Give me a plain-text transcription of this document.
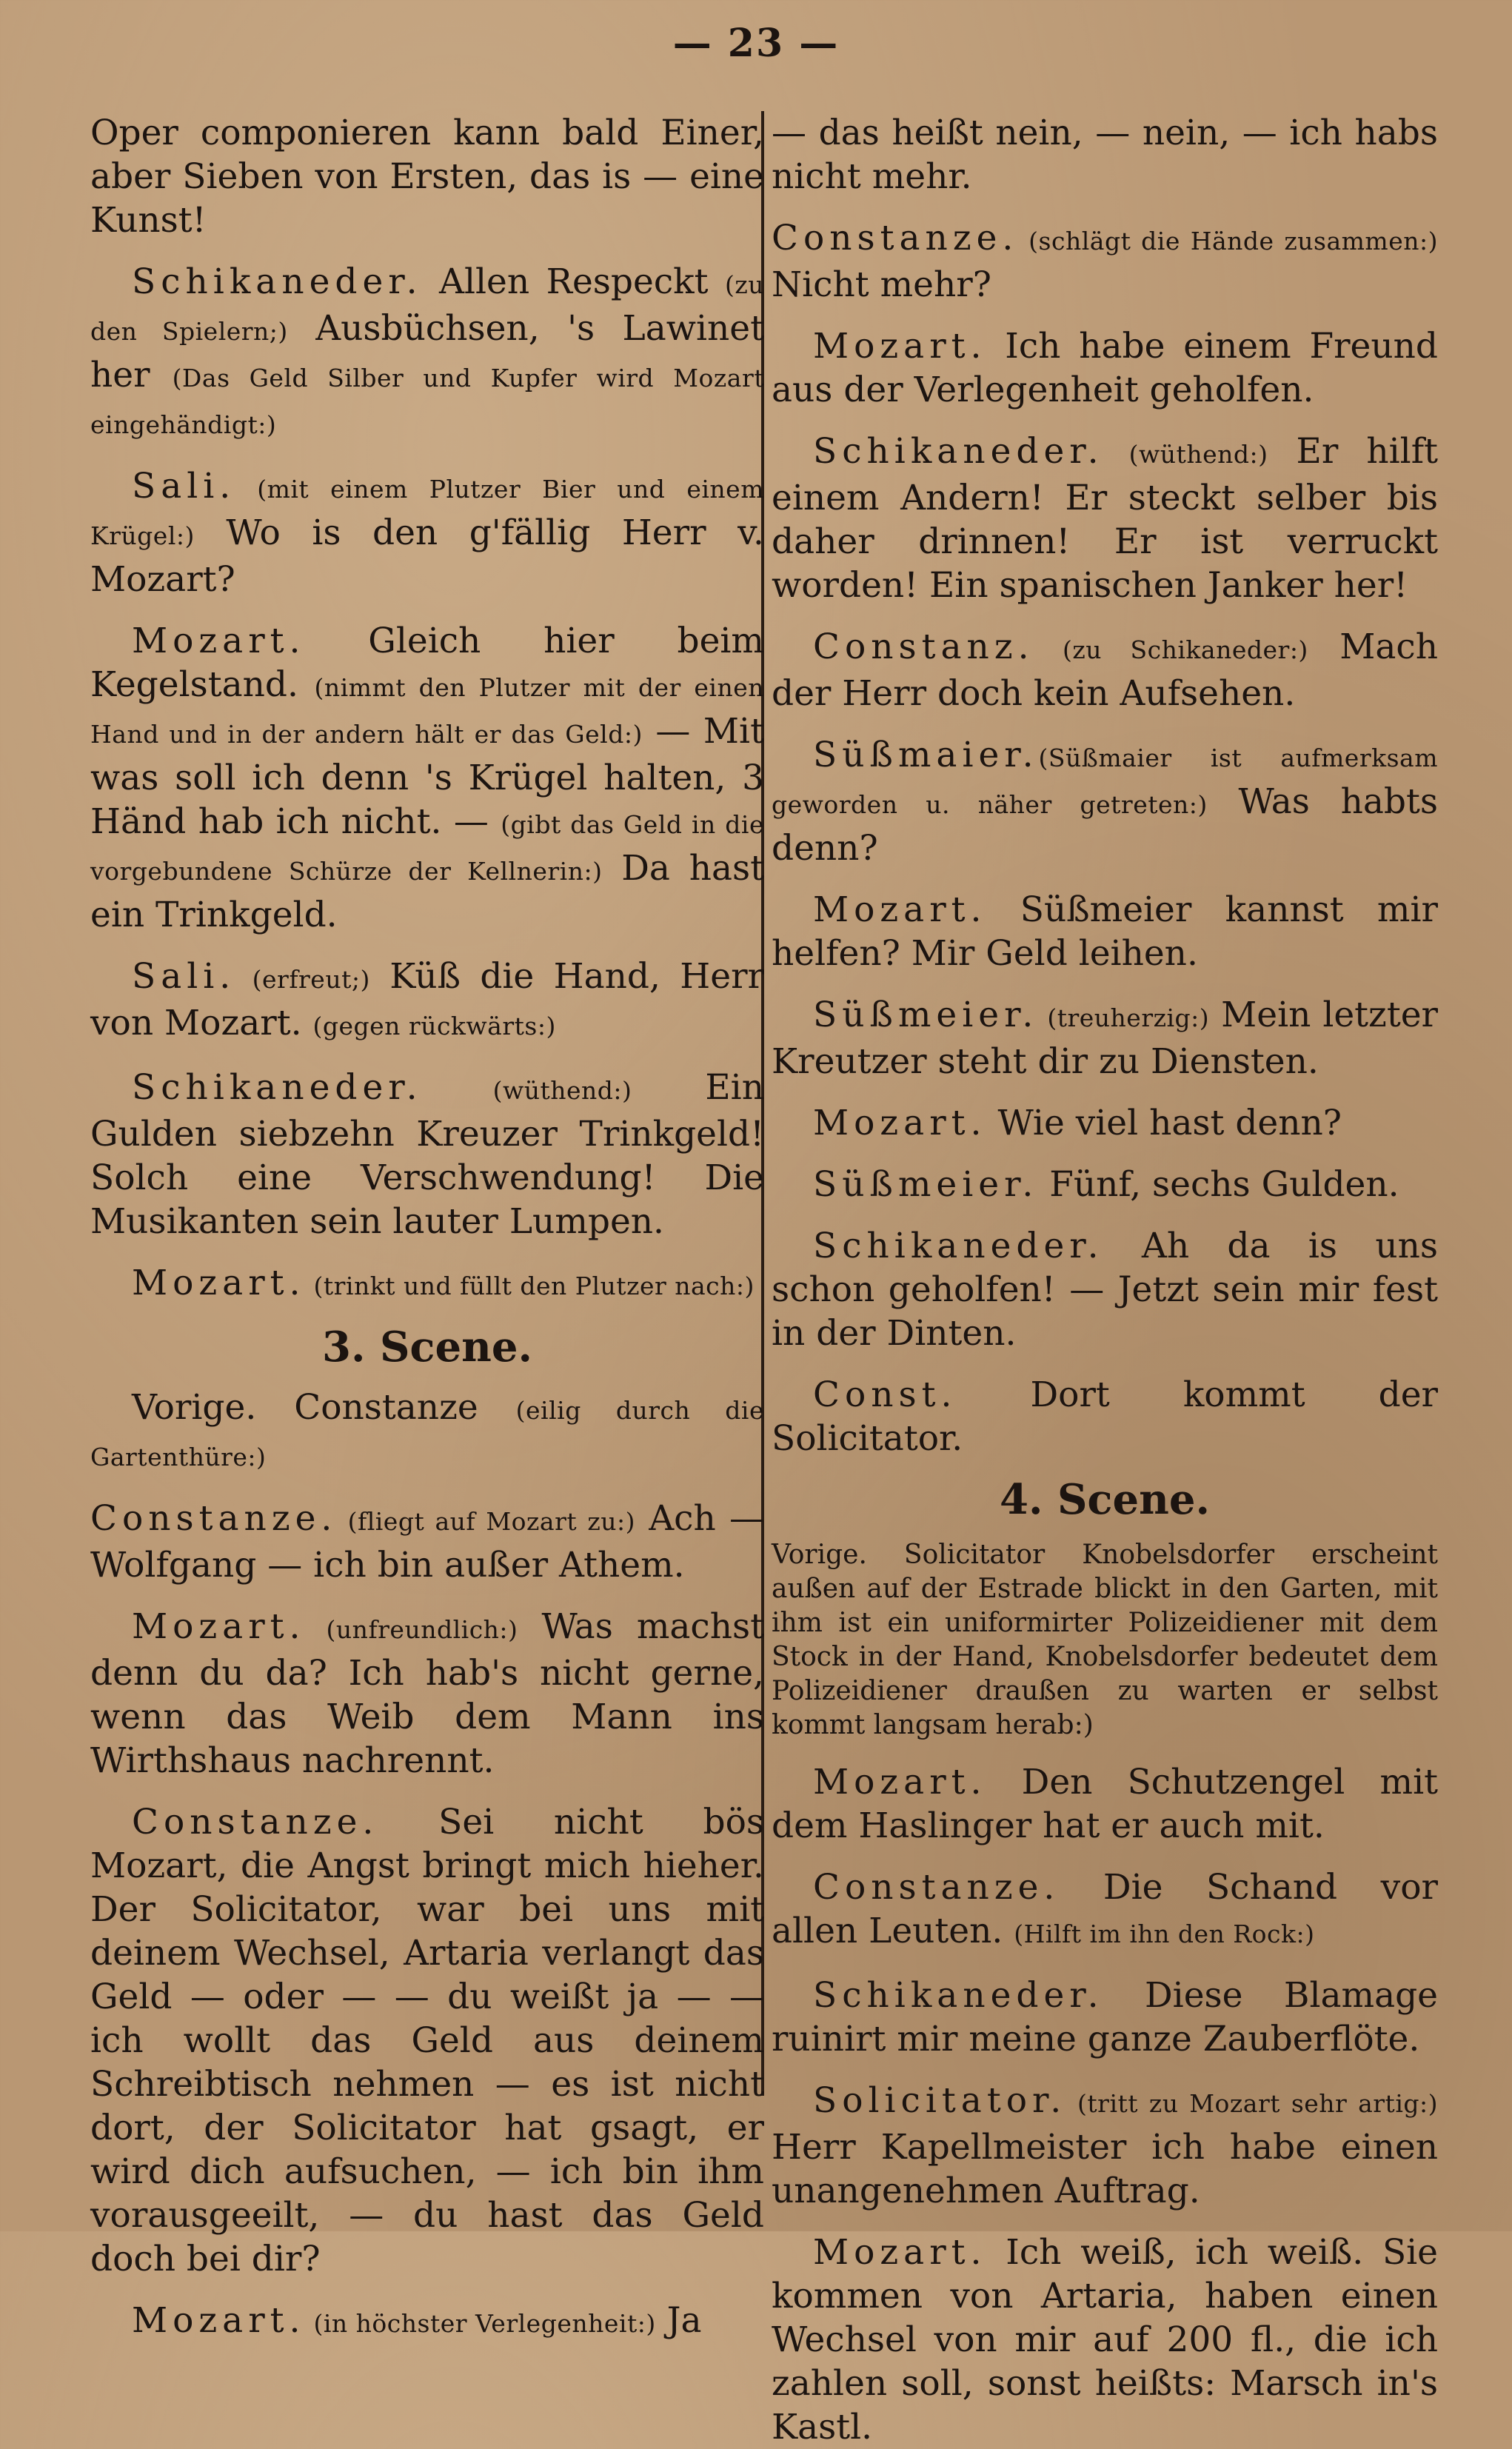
— 23 —

Oper componieren kann bald Einer, aber Sieben von Ersten, das is — eine Kunst!

Schikaneder. Allen Respeckt (zu den Spielern;) Ausbüchsen, 's Lawinet her (Das Geld Silber und Kupfer wird Mozart eingehändigt:)

Sali. (mit einem Plutzer Bier und einem Krügel:) Wo is den g'fällig Herr v. Mozart?

Mozart. Gleich hier beim Kegelstand. (nimmt den Plutzer mit der einen Hand und in der andern hält er das Geld:) — Mit was soll ich denn 's Krügel halten, 3 Händ hab ich nicht. — (gibt das Geld in die vorgebundene Schürze der Kellnerin:) Da hast ein Trinkgeld.

Sali. (erfreut;) Küß die Hand, Herr von Mozart. (gegen rückwärts:)

Schikaneder. (wüthend:) Ein Gulden siebzehn Kreuzer Trinkgeld! Solch eine Verschwendung! Die Musikanten sein lauter Lumpen.

Mozart. (trinkt und füllt den Plutzer nach:)

3. Scene.

Vorige. Constanze (eilig durch die Gartenthüre:)

Constanze. (fliegt auf Mozart zu:) Ach — Wolfgang — ich bin außer Athem.

Mozart. (unfreundlich:) Was machst denn du da? Ich hab's nicht gerne, wenn das Weib dem Mann ins Wirthshaus nachrennt.

Constanze. Sei nicht bös Mozart, die Angst bringt mich hieher. Der Solicitator, war bei uns mit deinem Wechsel, Artaria verlangt das Geld — oder — — du weißt ja — — ich wollt das Geld aus deinem Schreibtisch nehmen — es ist nicht dort, der Solicitator hat gsagt, er wird dich aufsuchen, — ich bin ihm vorausgeeilt, — du hast das Geld doch bei dir?

Mozart. (in höchster Verlegenheit:) Ja

— das heißt nein, — nein, — ich habs nicht mehr.

Constanze. (schlägt die Hände zusammen:) Nicht mehr?

Mozart. Ich habe einem Freund aus der Verlegenheit geholfen.

Schikaneder. (wüthend:) Er hilft einem Andern! Er steckt selber bis daher drinnen! Er ist verruckt worden! Ein spanischen Janker her!

Constanz. (zu Schikaneder:) Mach der Herr doch kein Aufsehen.

Süßmaier.(Süßmaier ist aufmerksam geworden u. näher getreten:) Was habts denn?

Mozart. Süßmeier kannst mir helfen? Mir Geld leihen.

Süßmeier. (treuherzig:) Mein letzter Kreutzer steht dir zu Diensten.

Mozart. Wie viel hast denn?

Süßmeier. Fünf, sechs Gulden.

Schikaneder. Ah da is uns schon geholfen! — Jetzt sein mir fest in der Dinten.

Const. Dort kommt der Solicitator.

4. Scene.

Vorige. Solicitator Knobelsdorfer erscheint außen auf der Estrade blickt in den Garten, mit ihm ist ein uniformirter Polizeidiener mit dem Stock in der Hand, Knobelsdorfer bedeutet dem Polizeidiener draußen zu warten er selbst kommt langsam herab:)

Mozart. Den Schutzengel mit dem Haslinger hat er auch mit.

Constanze. Die Schand vor allen Leuten. (Hilft im ihn den Rock:)

Schikaneder. Diese Blamage ruinirt mir meine ganze Zauberflöte.

Solicitator. (tritt zu Mozart sehr artig:) Herr Kapellmeister ich habe einen unangenehmen Auftrag.

Mozart. Ich weiß, ich weiß. Sie kommen von Artaria, haben einen Wechsel von mir auf 200 fl., die ich zahlen soll, sonst heißts: Marsch in's Kastl.
